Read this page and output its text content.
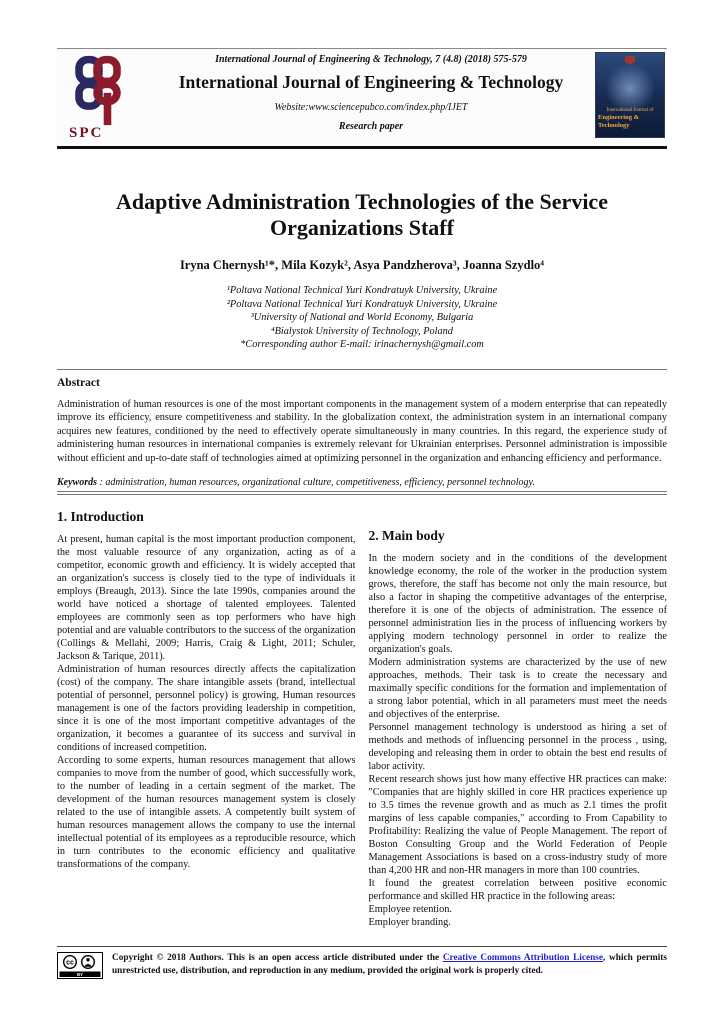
SPC
International Journal of Engineering & Technology, 7 (4.8) (2018) 575-579
International Journal of Engineering & Technology
Website:www.sciencepubco.com/index.php/IJET
Research paper
International Journal of
Engineering & Technology
Adaptive Administration Technologies of the Service
Organizations Staff
Iryna Chernysh¹*, Mila Kozyk², Asya Pandzherova³, Joanna Szydlo⁴
¹Poltava National Technical Yuri Kondratuyk University, Ukraine
²Poltava National Technical Yuri Kondratuyk University, Ukraine
³University of National and World Economy, Bulgaria
⁴Bialystok University of Technology, Poland
*Corresponding author E-mail: irinachernysh@gmail.com
Abstract
Administration of human resources is one of the most important components in the management system of a modern enterprise that can repeatedly improve its efficiency, ensure competitiveness and stability. In the globalization context, the administration system in an international company acquires new features, conditioned by the need to effectively operate simultaneously in many countries. In this regard, the experience study of administering human resources in international companies is extremely relevant for Ukrainian enterprises. Personnel administration is impossible without efficient and up-to-date staff of technologies aimed at optimizing personnel in the organization and enhancing efficiency and performance.
Keywords : administration, human resources, organizational culture, competitiveness, efficiency, personnel technology.
1. Introduction

At present, human capital is the most important production component, the most valuable resource of any organization, acting as of a competitor, economic growth and efficiency. It is widely accepted that an organization's success is closely tied to the type of individuals it employs (Breaugh, 2013). Since the late 1990s, companies around the world have noticed a shortage of talented employees. Talented employees are commonly seen as top performers who have high potential and are valuable contributors to the success of the organization (Collings & Mellahi, 2009; Harris, Craig & Light, 2011; Schuler, Jackson & Tarique, 2011).

Administration of human resources directly affects the capitalization (cost) of the company. The share intangible assets (brand, intellectual potential of personnel, personnel policy) is growing, Human resources management is one of the factors providing leadership in competition, since it is one of the most important competitive advantages of the organization, it becomes a guarantee of its success and survival in conditions of increased competition.

According to some experts, human resources management that allows companies to move from the number of good, which successfully work, to the number of leading in a certain segment of the market. The development of the human resources management system is closely related to the use of intangible assets. A competently built system of human resources management allows the company to use the internal intellectual potential of its employees as a reproducible resource, which in turn contributes to the economic efficiency and qualitative transformations of the company.

2. Main body

In the modern society and in the conditions of the development knowledge economy, the role of the worker in the production system grows, therefore, the staff has become not only the main resource, but also a factor in shaping the competitive advantages of the enterprise, therefore it is one of the objects of administration. The essence of personnel administration lies in the process of influencing workers by applying modern technology personnel in order to realize the organization's goals.

Modern administration systems are characterized by the use of new approaches, methods. Their task is to create the necessary and maximally specific conditions for the formation and implementation of a strong labor potential, which in all parameters must meet the needs and objectives of the enterprise.

Personnel management technology is understood as hiring a set of methods and methods of influencing personnel in the process , using, developing and releasing them in order to obtain the best end results of labor activity.

Recent research shows just how many effective HR practices can make: "Companies that are highly skilled in core HR practices experience up to 3.5 times the revenue growth and as much as 2.1 times the profit margins of less capable companies," according to From Capability to Profitability: Realizing the value of People Management. The report of Boston Consulting Group and the World Federation of People Management Associations is based on a cross-industry study of more than 4,200 HR and non-HR managers in more than 100 countries.

It found the greatest correlation between positive economic performance and skilled HR practice in the following areas:

Employee retention.

Employer branding.

cc
BY
Copyright © 2018 Authors. This is an open access article distributed under the Creative Commons Attribution License, which permits unrestricted use, distribution, and reproduction in any medium, provided the original work is properly cited.
